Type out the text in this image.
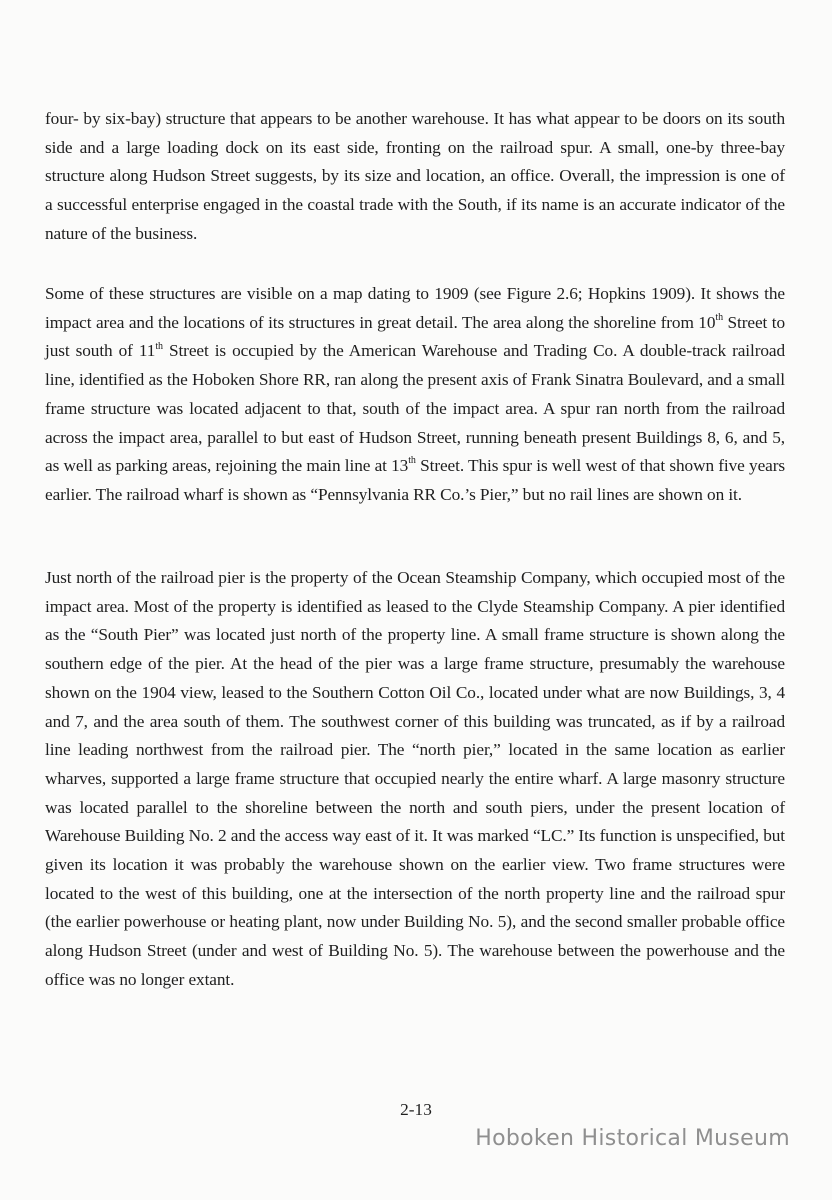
four- by six-bay) structure that appears to be another warehouse. It has what appear to be doors on its south side and a large loading dock on its east side, fronting on the railroad spur. A small, one-by three-bay structure along Hudson Street suggests, by its size and location, an office. Overall, the impression is one of a successful enterprise engaged in the coastal trade with the South, if its name is an accurate indicator of the nature of the business.

Some of these structures are visible on a map dating to 1909 (see Figure 2.6; Hopkins 1909). It shows the impact area and the locations of its structures in great detail. The area along the shoreline from 10th Street to just south of 11th Street is occupied by the American Warehouse and Trading Co. A double-track railroad line, identified as the Hoboken Shore RR, ran along the present axis of Frank Sinatra Boulevard, and a small frame structure was located adjacent to that, south of the impact area. A spur ran north from the railroad across the impact area, parallel to but east of Hudson Street, running beneath present Buildings 8, 6, and 5, as well as parking areas, rejoining the main line at 13th Street. This spur is well west of that shown five years earlier. The railroad wharf is shown as “Pennsylvania RR Co.’s Pier,” but no rail lines are shown on it.

Just north of the railroad pier is the property of the Ocean Steamship Company, which occupied most of the impact area. Most of the property is identified as leased to the Clyde Steamship Company. A pier identified as the “South Pier” was located just north of the property line. A small frame structure is shown along the southern edge of the pier. At the head of the pier was a large frame structure, presumably the warehouse shown on the 1904 view, leased to the Southern Cotton Oil Co., located under what are now Buildings, 3, 4 and 7, and the area south of them. The southwest corner of this building was truncated, as if by a railroad line leading northwest from the railroad pier. The “north pier,” located in the same location as earlier wharves, supported a large frame structure that occupied nearly the entire wharf. A large masonry structure was located parallel to the shoreline between the north and south piers, under the present location of Warehouse Building No. 2 and the access way east of it. It was marked “LC.” Its function is unspecified, but given its location it was probably the warehouse shown on the earlier view. Two frame structures were located to the west of this building, one at the intersection of the north property line and the railroad spur (the earlier powerhouse or heating plant, now under Building No. 5), and the second smaller probable office along Hudson Street (under and west of Building No. 5). The warehouse between the powerhouse and the office was no longer extant.

2-13
Hoboken Historical Museum
